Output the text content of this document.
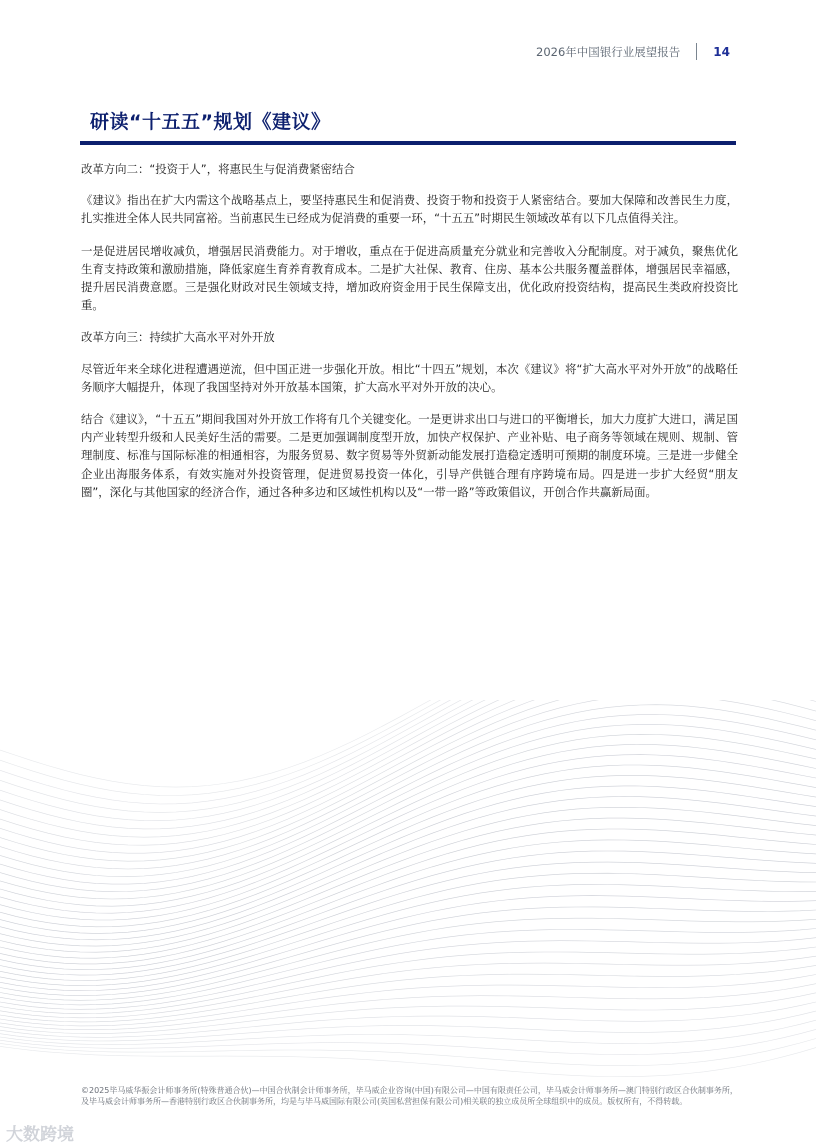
2026年中国银行业展望报告	14
研读“十五五”规划《建议》

改革方向二：“投资于人”，将惠民生与促消费紧密结合

《建议》指出在扩大内需这个战略基点上，要坚持惠民生和促消费、投资于物和投资于人紧密结合。要加大保障和改善民生力度，扎实推进全体人民共同富裕。当前惠民生已经成为促消费的重要一环，“十五五”时期民生领域改革有以下几点值得关注。

一是促进居民增收减负，增强居民消费能力。对于增收，重点在于促进高质量充分就业和完善收入分配制度。对于减负，聚焦优化生育支持政策和激励措施，降低家庭生育养育教育成本。二是扩大社保、教育、住房、基本公共服务覆盖群体，增强居民幸福感，提升居民消费意愿。三是强化财政对民生领域支持，增加政府资金用于民生保障支出，优化政府投资结构，提高民生类政府投资比重。

改革方向三：持续扩大高水平对外开放

尽管近年来全球化进程遭遇逆流，但中国正进一步强化开放。相比“十四五”规划，本次《建议》将“扩大高水平对外开放”的战略任务顺序大幅提升，体现了我国坚持对外开放基本国策，扩大高水平对外开放的决心。

结合《建议》，“十五五”期间我国对外开放工作将有几个关键变化。一是更讲求出口与进口的平衡增长，加大力度扩大进口，满足国内产业转型升级和人民美好生活的需要。二是更加强调制度型开放，加快产权保护、产业补贴、电子商务等领域在规则、规制、管理制度、标准与国际标准的相通相容，为服务贸易、数字贸易等外贸新动能发展打造稳定透明可预期的制度环境。三是进一步健全企业出海服务体系，有效实施对外投资管理，促进贸易投资一体化，引导产供链合理有序跨境布局。四是进一步扩大经贸“朋友圈”，深化与其他国家的经济合作，通过各种多边和区域性机构以及“一带一路”等政策倡议，开创合作共赢新局面。

©2025毕马威华振会计师事务所(特殊普通合伙)—中国合伙制会计师事务所，毕马威企业咨询(中国)有限公司—中国有限责任公司，毕马威会计师事务所—澳门特别行政区合伙制事务所，及毕马威会计师事务所—香港特别行政区合伙制事务所，均是与毕马威国际有限公司(英国私营担保有限公司)相关联的独立成员所全球组织中的成员。版权所有，不得转载。
大数跨境
